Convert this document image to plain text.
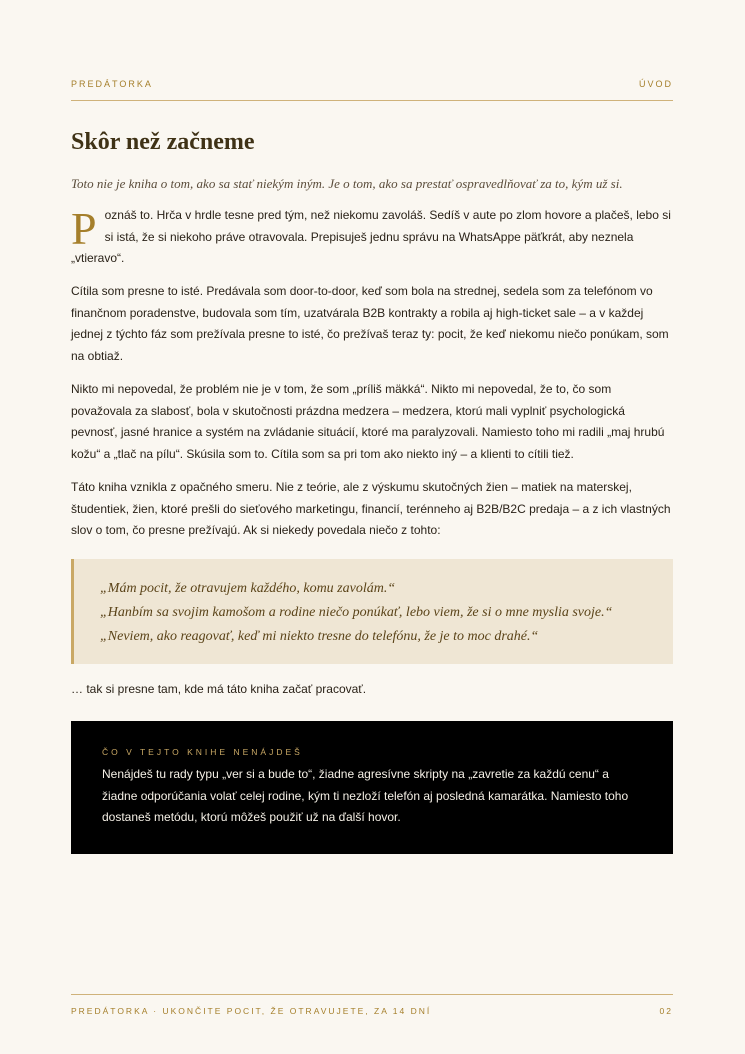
PREDÁTORKA	ÚVOD
Skôr než začneme

Toto nie je kniha o tom, ako sa stať niekým iným. Je o tom, ako sa prestať ospravedlňovať za to, kým už si.

Poznáš to. Hrča v hrdle tesne pred tým, než niekomu zavoláš. Sedíš v aute po zlom hovore a plačeš, lebo si si istá, že si niekoho práve otravovala. Prepisuješ jednu správu na WhatsAppe päťkrát, aby neznela „vtieravo“.

Cítila som presne to isté. Predávala som door-to-door, keď som bola na strednej, sedela som za telefónom vo finančnom poradenstve, budovala som tím, uzatvárala B2B kontrakty a robila aj high-ticket sale – a v každej jednej z týchto fáz som prežívala presne to isté, čo prežívaš teraz ty: pocit, že keď niekomu niečo ponúkam, som na obtiaž.

Nikto mi nepovedal, že problém nie je v tom, že som „príliš mäkká“. Nikto mi nepovedal, že to, čo som považovala za slabosť, bola v skutočnosti prázdna medzera – medzera, ktorú mali vyplniť psychologická pevnosť, jasné hranice a systém na zvládanie situácií, ktoré ma paralyzovali. Namiesto toho mi radili „maj hrubú kožu“ a „tlač na pílu“. Skúsila som to. Cítila som sa pri tom ako niekto iný – a klienti to cítili tiež.

Táto kniha vznikla z opačného smeru. Nie z teórie, ale z výskumu skutočných žien – matiek na materskej, študentiek, žien, ktoré prešli do sieťového marketingu, financií, terénneho aj B2B/B2C predaja – a z ich vlastných slov o tom, čo presne prežívajú. Ak si niekedy povedala niečo z tohto:

„Mám pocit, že otravujem každého, komu zavolám.“
„Hanbím sa svojim kamošom a rodine niečo ponúkať, lebo viem, že si o mne myslia svoje.“
„Neviem, ako reagovať, keď mi niekto tresne do telefónu, že je to moc drahé.“

… tak si presne tam, kde má táto kniha začať pracovať.

ČO V TEJTO KNIHE NENÁJDEŠ

Nenájdeš tu rady typu „ver si a bude to“, žiadne agresívne skripty na „zavretie za každú cenu“ a žiadne odporúčania volať celej rodine, kým ti nezloží telefón aj posledná kamarátka. Namiesto toho dostaneš metódu, ktorú môžeš použiť už na ďalší hovor.

PREDÁTORKA · UKONČITE POCIT, ŽE OTRAVUJETE, ZA 14 DNÍ	02
